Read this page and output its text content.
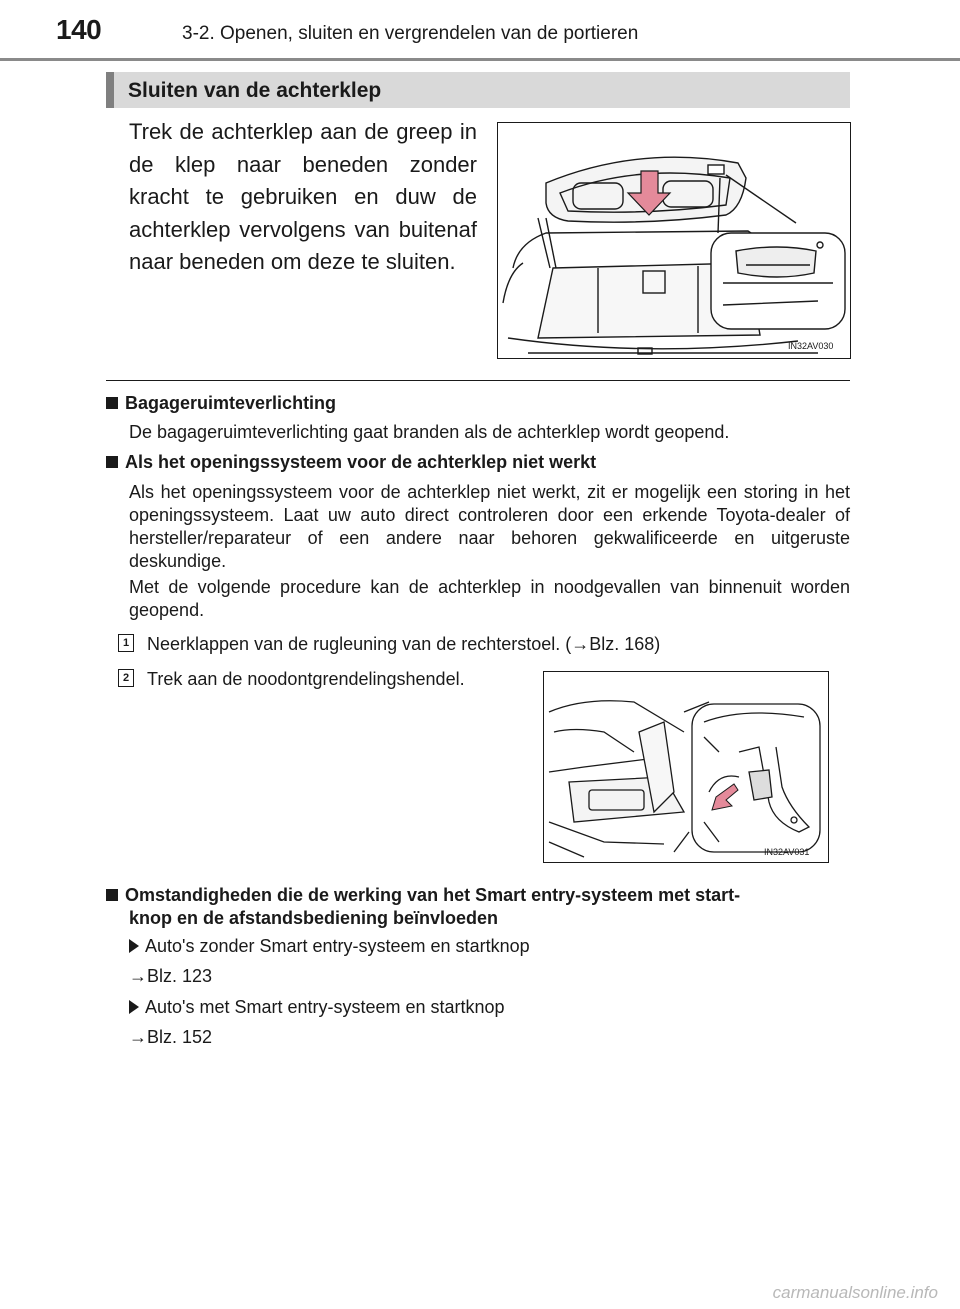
140	3-2. Openen, sluiten en vergrendelen van de portieren
Sluiten van de achterklep
Trek de achterklep aan de greep in de klep naar beneden zonder kracht te gebruiken en duw de achterklep vervolgens van buitenaf naar beneden om deze te sluiten.
IN32AV030
Bagageruimteverlichting
De bagageruimteverlichting gaat branden als de achterklep wordt geopend.
Als het openingssysteem voor de achterklep niet werkt
Als het openingssysteem voor de achterklep niet werkt, zit er mogelijk een storing in het openingssysteem. Laat uw auto direct controleren door een erkende Toyota-dealer of hersteller/reparateur of een andere naar behoren gekwalificeerde en uitgeruste deskundige.
Met de volgende procedure kan de achterklep in noodgevallen van binnenuit worden geopend.
1 Neerklappen van de rugleuning van de rechterstoel. (→Blz. 168)
2 Trek aan de noodontgrendelingshendel.
IN32AV031
Omstandigheden die de werking van het Smart entry-systeem met start-
knop en de afstandsbediening beïnvloeden
Auto's zonder Smart entry-systeem en startknop
→Blz. 123
Auto's met Smart entry-systeem en startknop
→Blz. 152
carmanualsonline.info
